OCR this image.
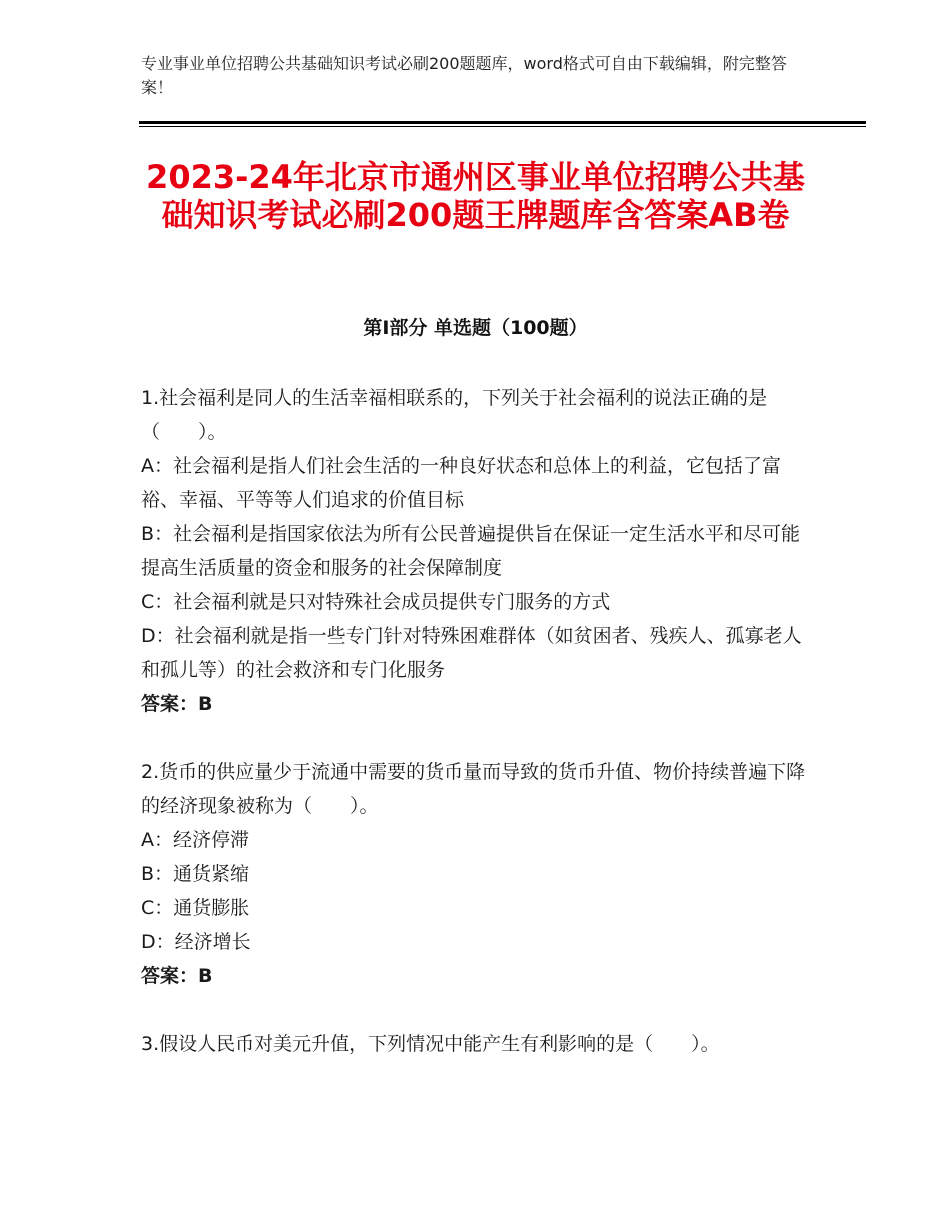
专业事业单位招聘公共基础知识考试必刷200题题库，word格式可自由下载编辑，附完整答案！
2023-24年北京市通州区事业单位招聘公共基础知识考试必刷200题王牌题库含答案AB卷
第Ⅰ部分 单选题（100题）

1.社会福利是同人的生活幸福相联系的，下列关于社会福利的说法正确的是（　　）。

A：社会福利是指人们社会生活的一种良好状态和总体上的利益，它包括了富裕、幸福、平等等人们追求的价值目标

B：社会福利是指国家依法为所有公民普遍提供旨在保证一定生活水平和尽可能提高生活质量的资金和服务的社会保障制度

C：社会福利就是只对特殊社会成员提供专门服务的方式

D：社会福利就是指一些专门针对特殊困难群体（如贫困者、残疾人、孤寡老人和孤儿等）的社会救济和专门化服务

答案：B

2.货币的供应量少于流通中需要的货币量而导致的货币升值、物价持续普遍下降的经济现象被称为（　　）。

A：经济停滞

B：通货紧缩

C：通货膨胀

D：经济增长

答案：B

3.假设人民币对美元升值，下列情况中能产生有利影响的是（　　）。
